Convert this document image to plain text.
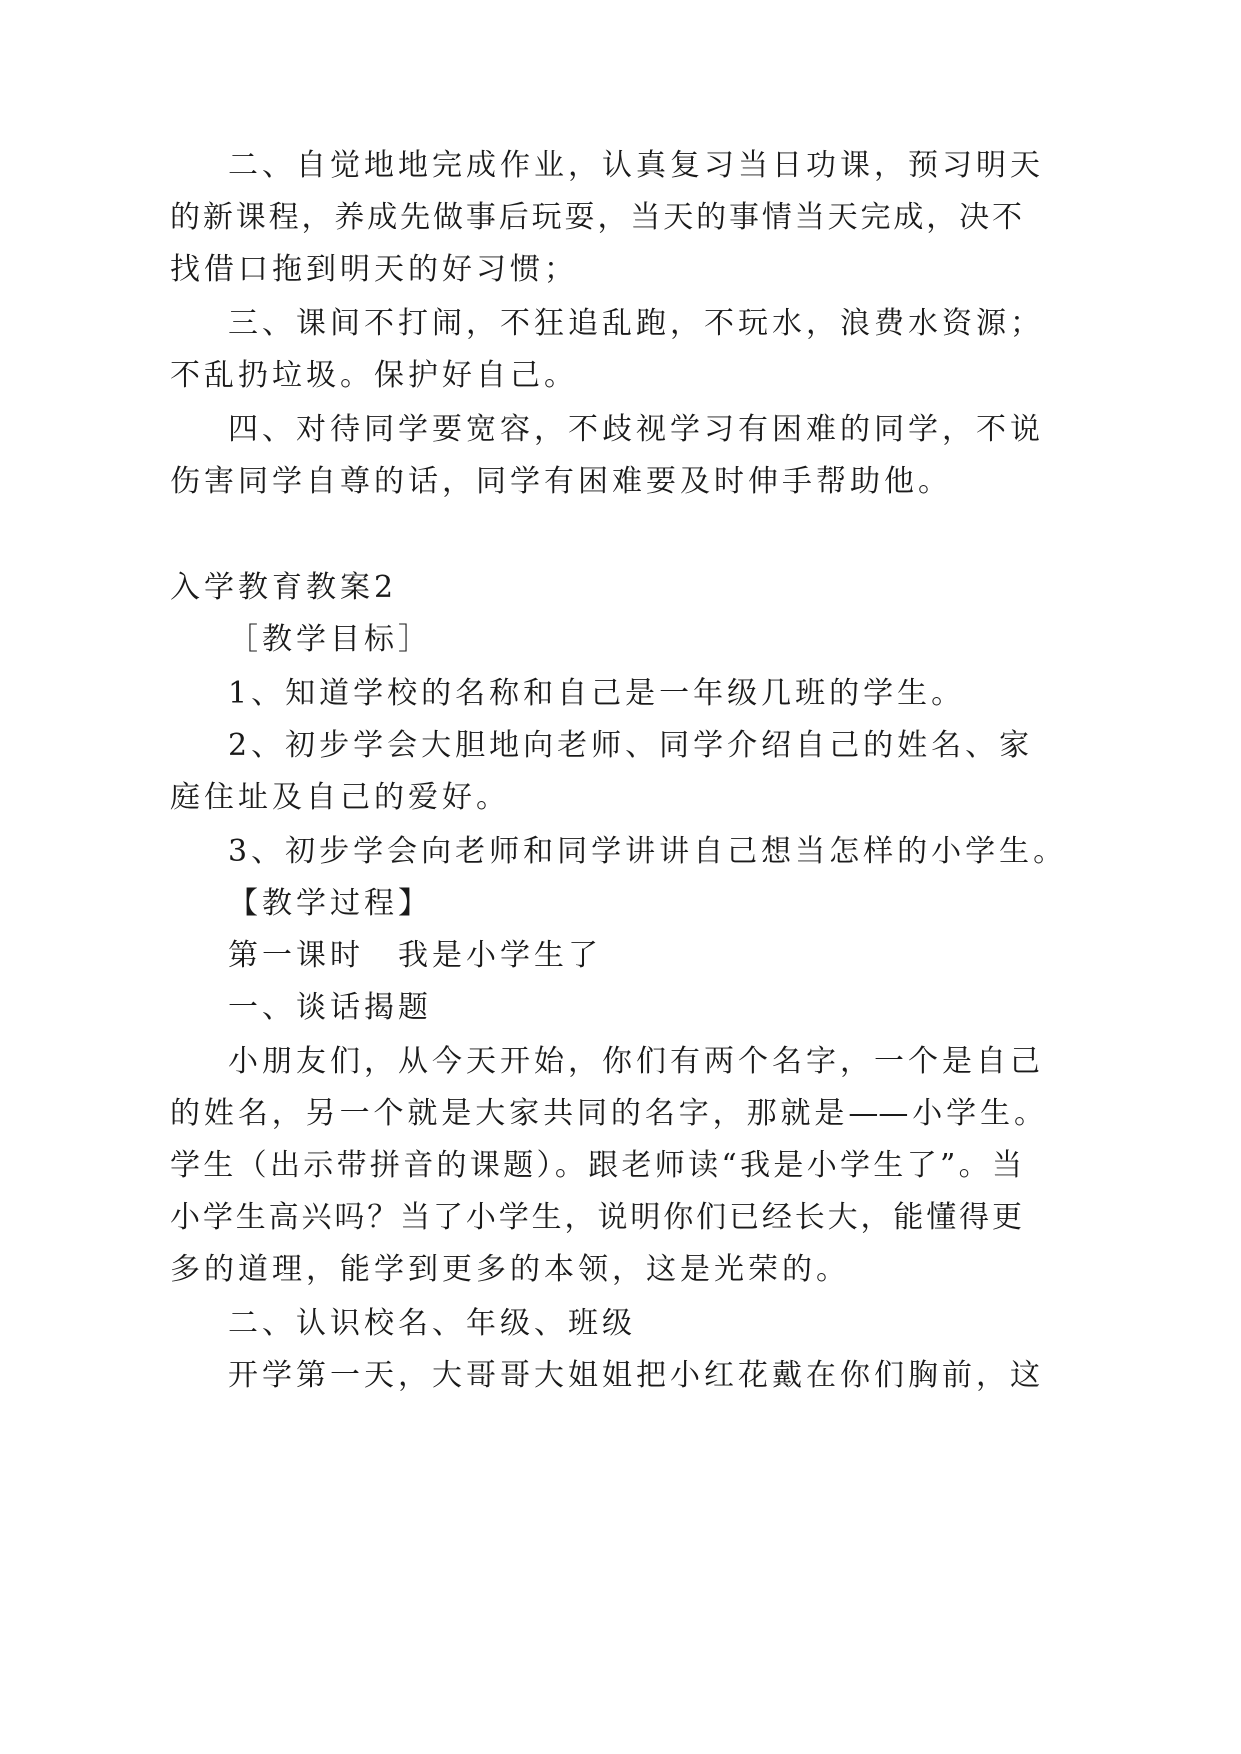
二、自觉地地完成作业，认真复习当日功课，预习明天
的新课程，养成先做事后玩耍，当天的事情当天完成，决不
找借口拖到明天的好习惯；
三、课间不打闹，不狂追乱跑，不玩水，浪费水资源；
不乱扔垃圾。保护好自己。
四、对待同学要宽容，不歧视学习有困难的同学，不说
伤害同学自尊的话，同学有困难要及时伸手帮助他。
入学教育教案2
［教学目标］
1、知道学校的名称和自己是一年级几班的学生。
2、初步学会大胆地向老师、同学介绍自己的姓名、家
庭住址及自己的爱好。
3、初步学会向老师和同学讲讲自己想当怎样的小学生。
【教学过程】
第一课时　我是小学生了
一、谈话揭题
小朋友们，从今天开始，你们有两个名字，一个是自己
的姓名，另一个就是大家共同的名字，那就是——小学生。
学生（出示带拼音的课题）。跟老师读“我是小学生了”。当
小学生高兴吗？当了小学生，说明你们已经长大，能懂得更
多的道理，能学到更多的本领，这是光荣的。
二、认识校名、年级、班级
开学第一天，大哥哥大姐姐把小红花戴在你们胸前，这
